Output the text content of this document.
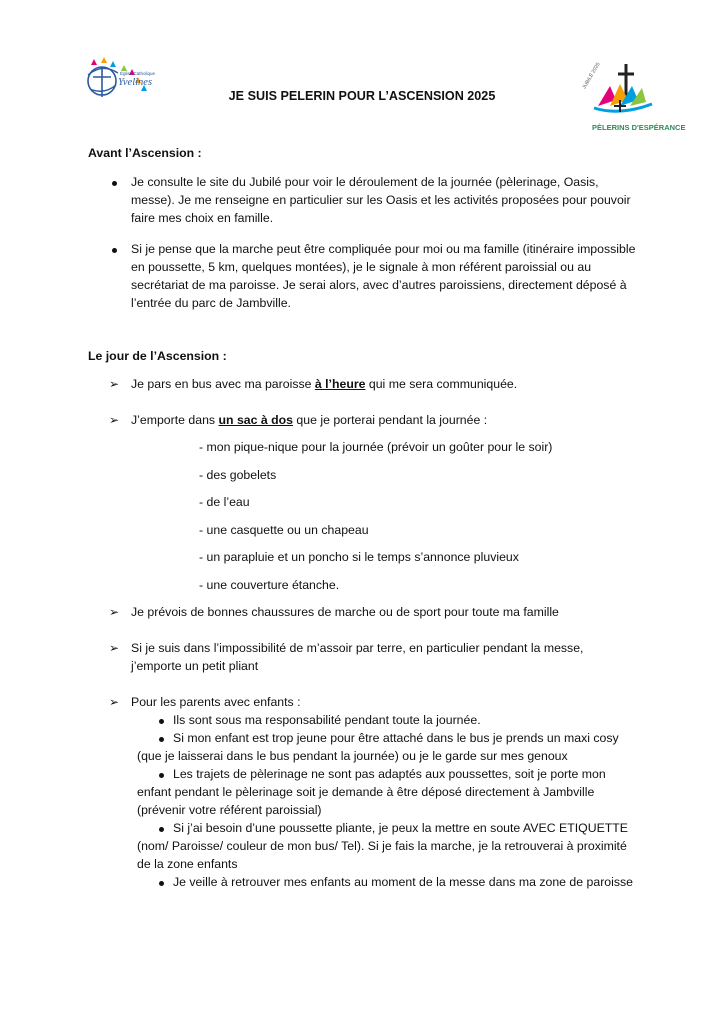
Église Catholique
Yvelines	JUBILÉ 2025
PÈLERINS D'ESPÉRANCE
JE SUIS PELERIN POUR L’ASCENSION 2025
Avant l’Ascension :
Je consulte le site du Jubilé pour voir le déroulement de la journée (pèlerinage, Oasis,
messe). Je me renseigne en particulier sur les Oasis et les activités proposées pour pouvoir
faire mes choix en famille.
Si je pense que la marche peut être compliquée pour moi ou ma famille (itinéraire impossible
en poussette, 5 km, quelques montées), je le signale à mon référent paroissial ou au
secrétariat de ma paroisse. Je serai alors, avec d’autres paroissiens, directement déposé à
l’entrée du parc de Jambville.
Le jour de l’Ascension :
➢ Je pars en bus avec ma paroisse à l’heure qui me sera communiquée.
➢ J’emporte dans un sac à dos que je porterai pendant la journée :
- mon pique-nique pour la journée (prévoir un goûter pour le soir)
- des gobelets
- de l’eau
- une casquette ou un chapeau
- un parapluie et un poncho si le temps s’annonce pluvieux
- une couverture étanche.
➢ Je prévois de bonnes chaussures de marche ou de sport pour toute ma famille
➢ Si je suis dans l’impossibilité de m’assoir par terre, en particulier pendant la messe,
j’emporte un petit pliant
➢ Pour les parents avec enfants :
Ils sont sous ma responsabilité pendant toute la journée.
Si mon enfant est trop jeune pour être attaché dans le bus je prends un maxi cosy
(que je laisserai dans le bus pendant la journée) ou je le garde sur mes genoux
Les trajets de pèlerinage ne sont pas adaptés aux poussettes, soit je porte mon
enfant pendant le pèlerinage soit je demande à être déposé directement à Jambville
(prévenir votre référent paroissial)
Si j’ai besoin d’une poussette pliante, je peux la mettre en soute AVEC ETIQUETTE
(nom/ Paroisse/ couleur de mon bus/ Tel). Si je fais la marche, je la retrouverai à proximité
de la zone enfants
Je veille à retrouver mes enfants au moment de la messe dans ma zone de paroisse
